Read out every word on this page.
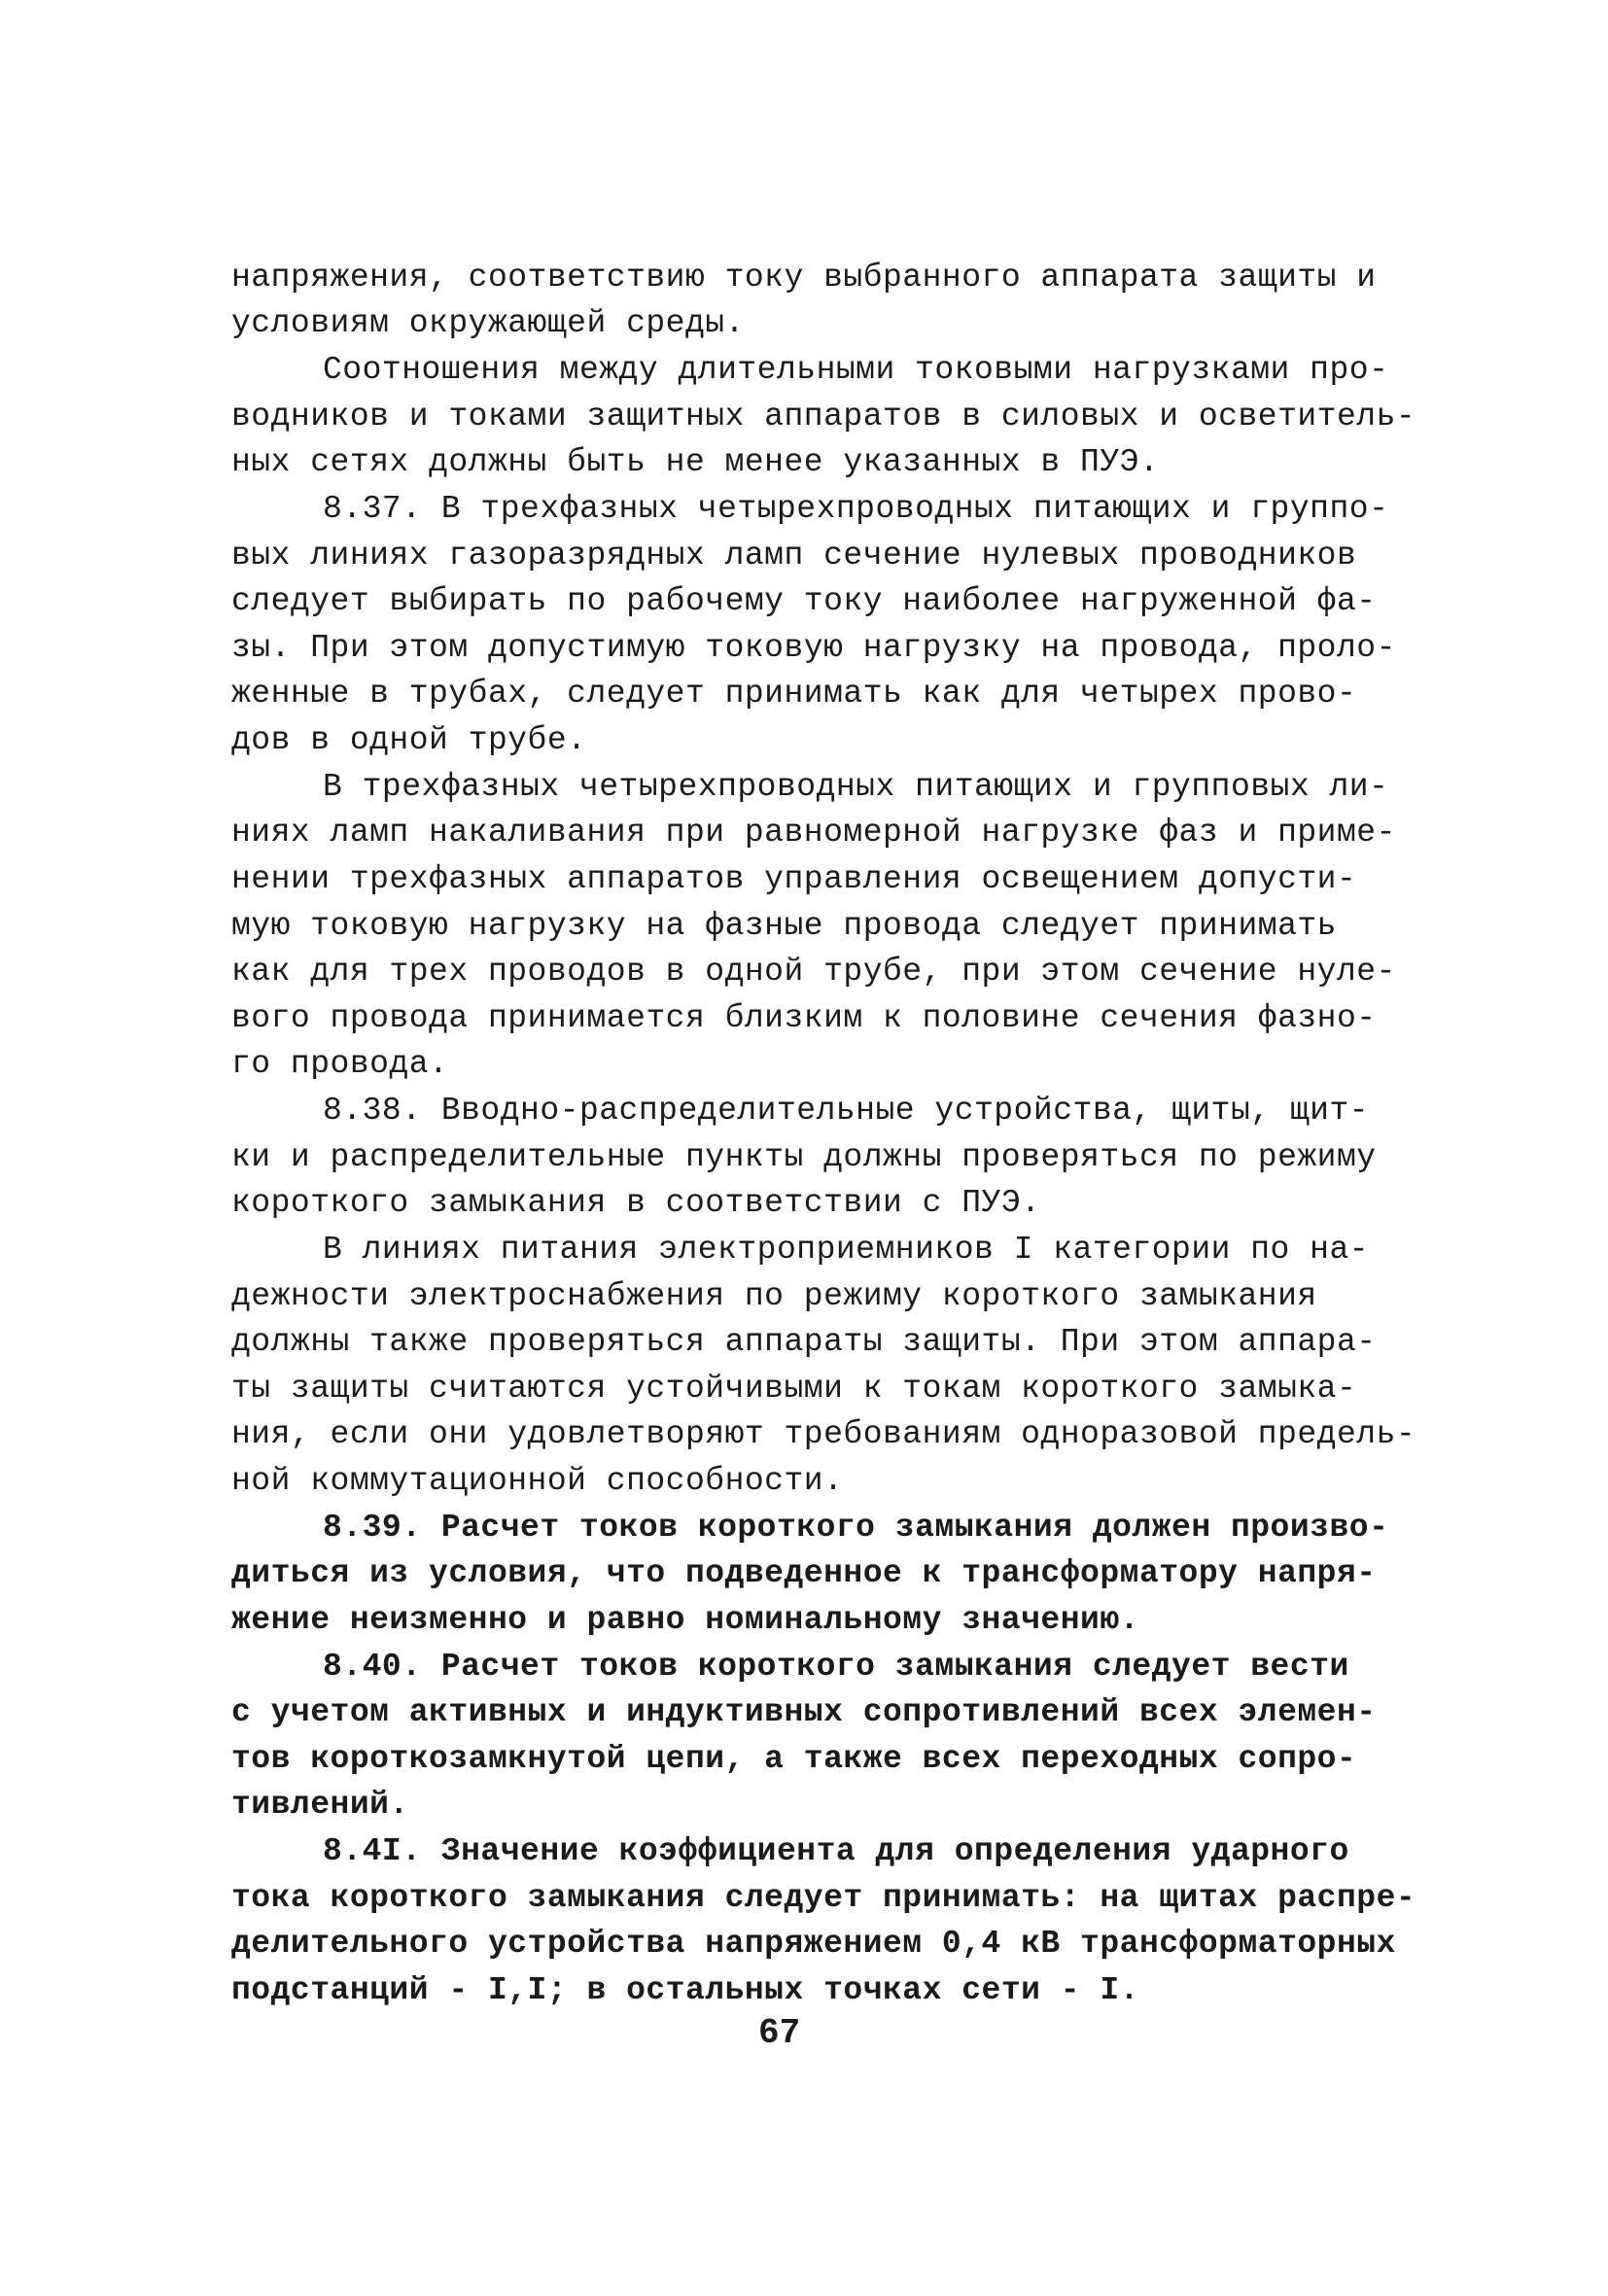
напряжения, соответствию току выбранного аппарата защиты и
условиям окружающей среды.
Соотношения между длительными токовыми нагрузками про-
водников и токами защитных аппаратов в силовых и осветитель-
ных сетях должны быть не менее указанных в ПУЭ.
8.37. В трехфазных четырехпроводных питающих и группо-
вых линиях газоразрядных ламп сечение нулевых проводников
следует выбирать по рабочему току наиболее нагруженной фа-
зы. При этом допустимую токовую нагрузку на провода, проло-
женные в трубах, следует принимать как для четырех прово-
дов в одной трубе.
В трехфазных четырехпроводных питающих и групповых ли-
ниях ламп накаливания при равномерной нагрузке фаз и приме-
нении трехфазных аппаратов управления освещением допусти-
мую токовую нагрузку на фазные провода следует принимать
как для трех проводов в одной трубе, при этом сечение нуле-
вого провода принимается близким к половине сечения фазно-
го провода.
8.38. Вводно-распределительные устройства, щиты, щит-
ки и распределительные пункты должны проверяться по режиму
короткого замыкания в соответствии с ПУЭ.
В линиях питания электроприемников I категории по на-
дежности электроснабжения по режиму короткого замыкания
должны также проверяться аппараты защиты. При этом аппара-
ты защиты считаются устойчивыми к токам короткого замыка-
ния, если они удовлетворяют требованиям одноразовой предель-
ной коммутационной способности.
8.39. Расчет токов короткого замыкания должен произво-
диться из условия, что подведенное к трансформатору напря-
жение неизменно и равно номинальному значению.
8.40. Расчет токов короткого замыкания следует вести
с учетом активных и индуктивных сопротивлений всех элемен-
тов короткозамкнутой цепи, а также всех переходных сопро-
тивлений.
8.4I. Значение коэффициента для определения ударного
тока короткого замыкания следует принимать: на щитах распре-
делительного устройства напряжением 0,4 кВ трансформаторных
подстанций - I,I; в остальных точках сети - I.
67
